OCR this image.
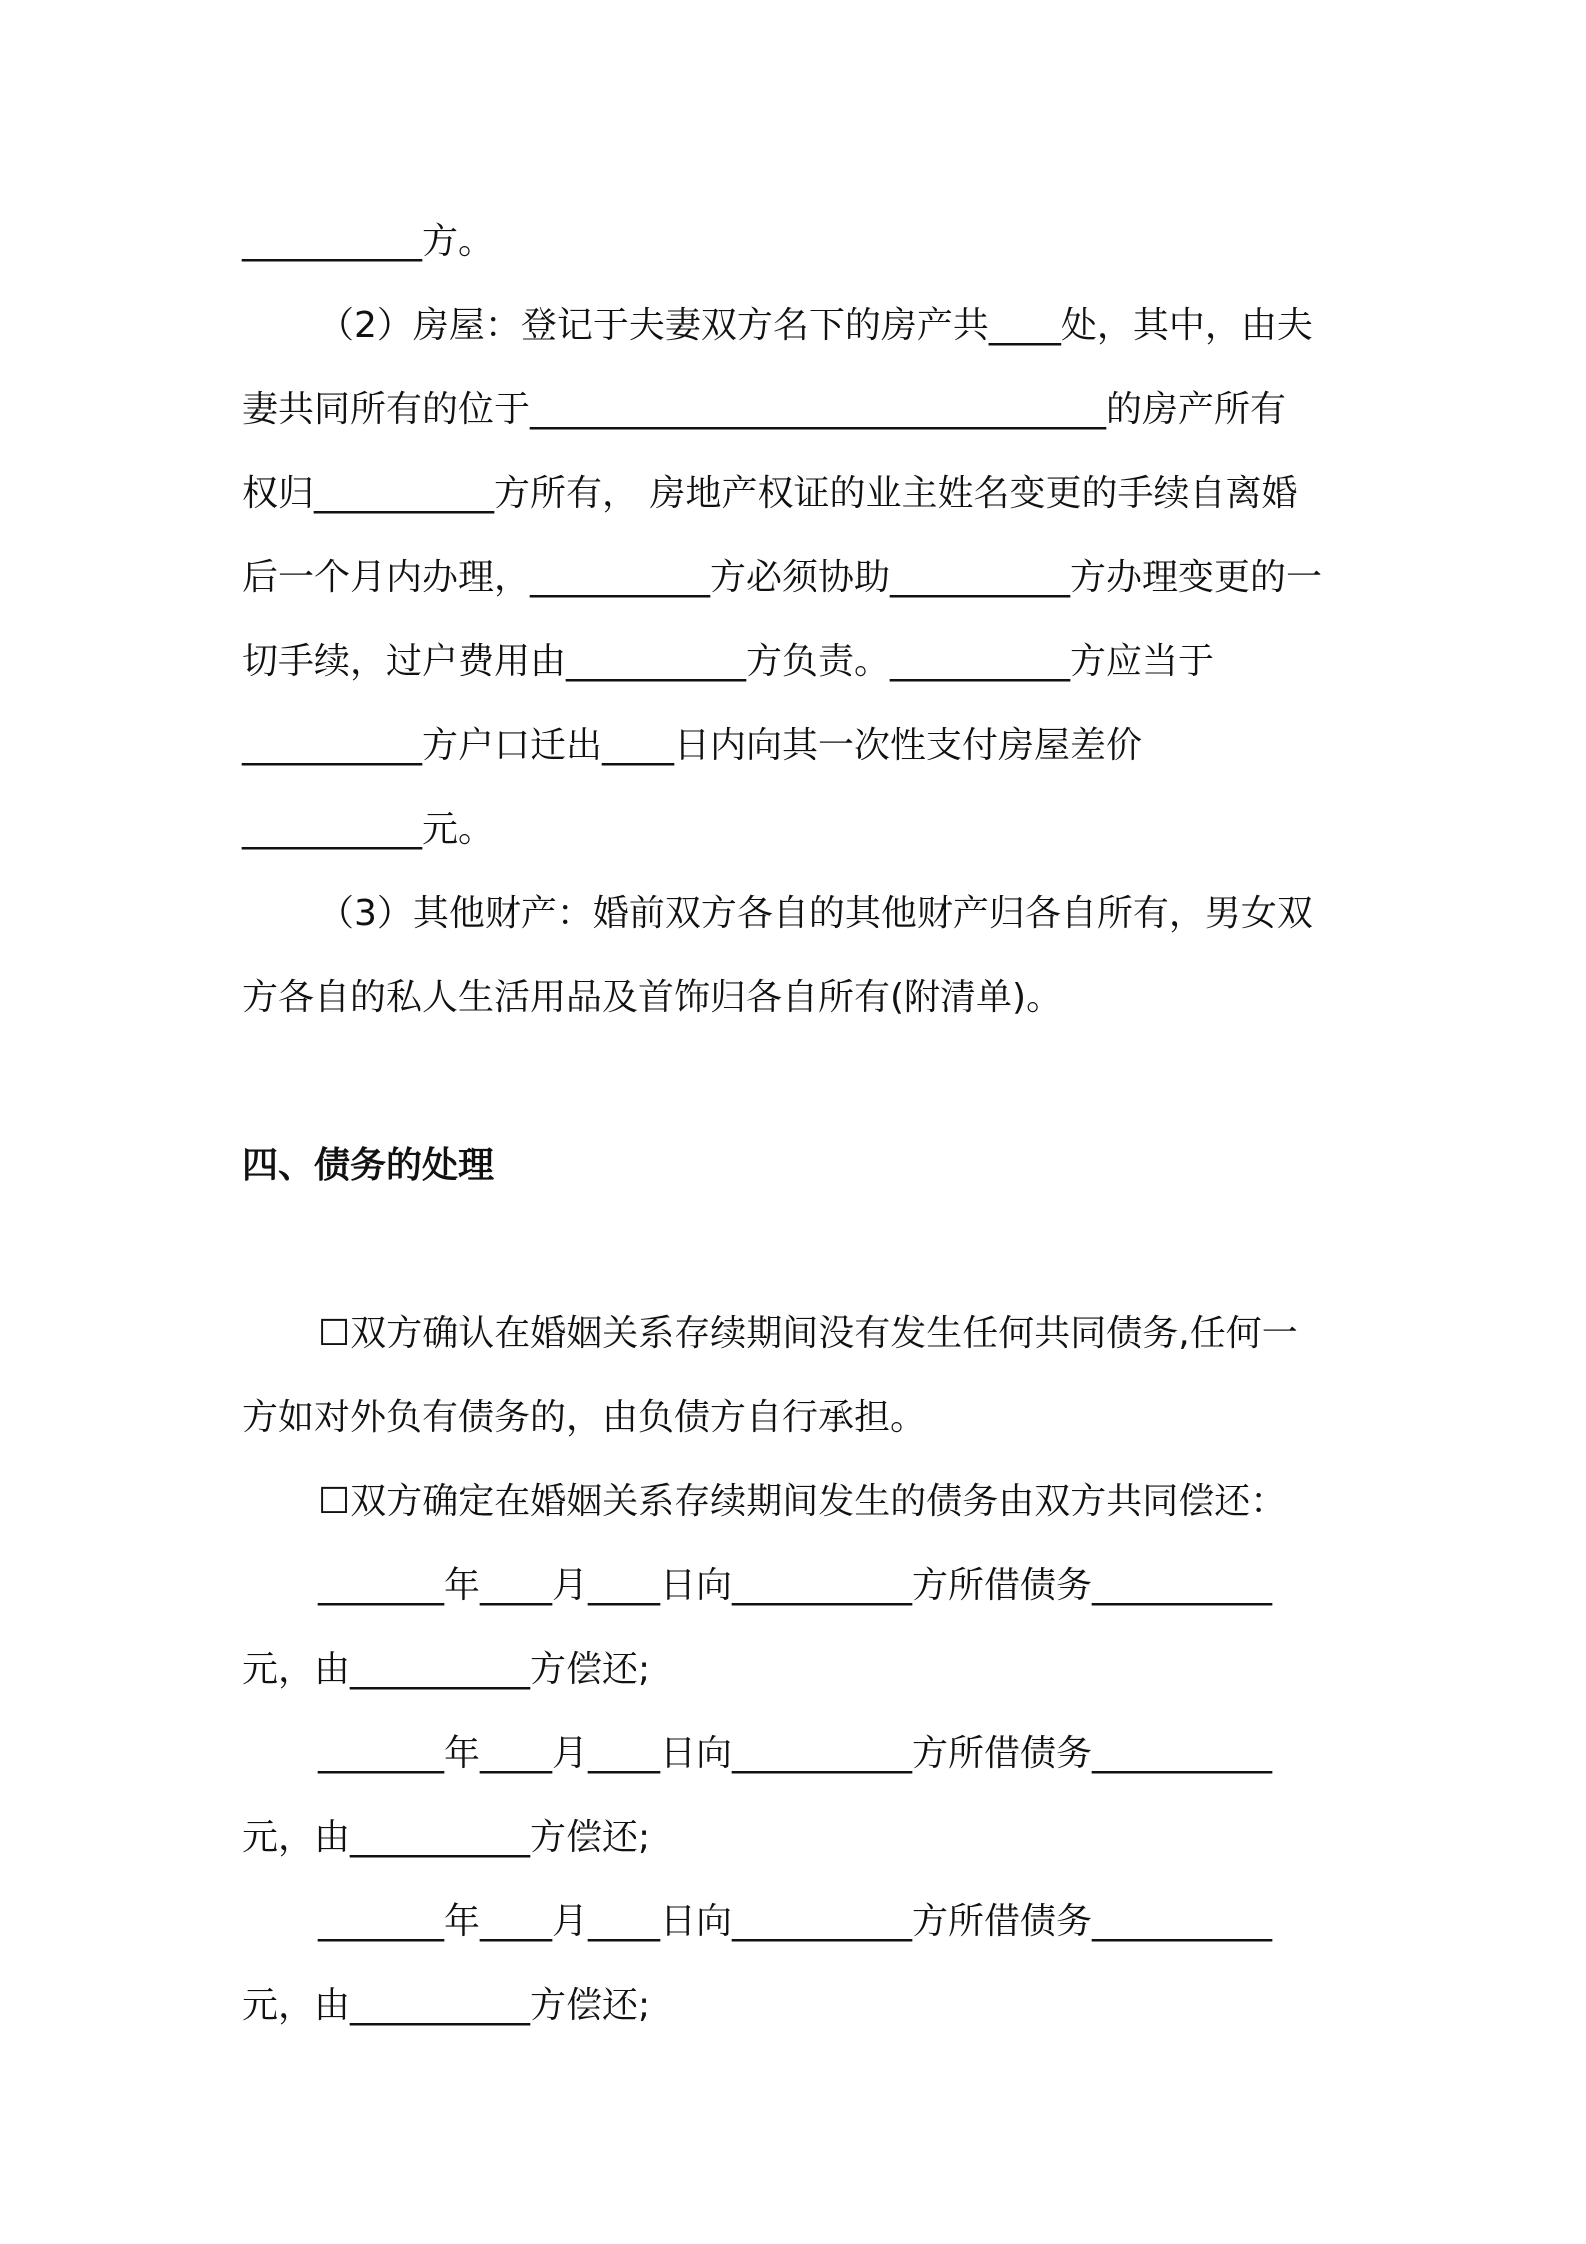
__________方。
（2）房屋：登记于夫妻双方名下的房产共____处，其中，由夫
妻共同所有的位于________________________________的房产所有
权归__________方所有， 房地产权证的业主姓名变更的手续自离婚
后一个月内办理，__________方必须协助__________方办理变更的一
切手续，过户费用由__________方负责。__________方应当于
__________方户口迁出____日内向其一次性支付房屋差价
__________元。
（3）其他财产：婚前双方各自的其他财产归各自所有，男女双
方各自的私人生活用品及首饰归各自所有(附清单)。
四、债务的处理
☐双方确认在婚姻关系存续期间没有发生任何共同债务,任何一
方如对外负有债务的，由负债方自行承担。
☐双方确定在婚姻关系存续期间发生的债务由双方共同偿还：
_______年____月____日向__________方所借债务__________
元，由__________方偿还;
_______年____月____日向__________方所借债务__________
元，由__________方偿还;
_______年____月____日向__________方所借债务__________
元，由__________方偿还;
